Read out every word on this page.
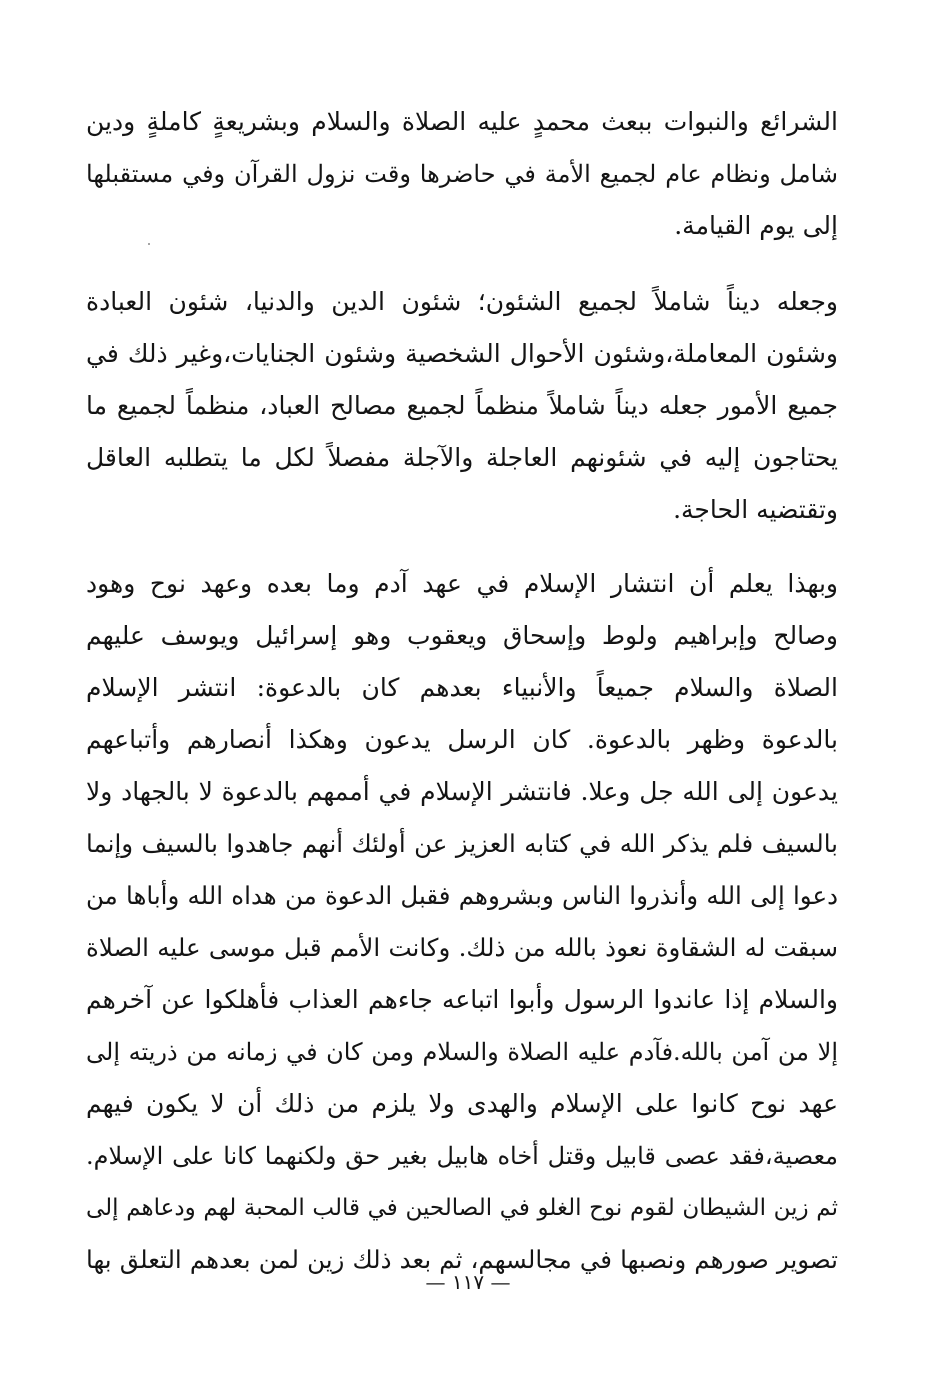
الشرائع والنبوات ببعث محمدٍ عليه الصلاة والسلام وبشريعةٍ كاملةٍ ودين
شامل ونظام عام لجميع الأمة في حاضرها وقت نزول القرآن وفي مستقبلها
إلى يوم القيامة.
وجعله ديناً شاملاً لجميع الشئون؛ شئون الدين والدنيا، شئون العبادة
وشئون المعاملة،وشئون الأحوال الشخصية وشئون الجنايات،وغير ذلك في
جميع الأمور جعله ديناً شاملاً منظماً لجميع مصالح العباد، منظماً لجميع ما
يحتاجون إليه في شئونهم العاجلة والآجلة مفصلاً لكل ما يتطلبه العاقل
وتقتضيه الحاجة.
وبهذا يعلم أن انتشار الإسلام في عهد آدم وما بعده وعهد نوح وهود
وصالح وإبراهيم ولوط وإسحاق ويعقوب وهو إسرائيل ويوسف عليهم
الصلاة والسلام جميعاً والأنبياء بعدهم كان بالدعوة: انتشر الإسلام
بالدعوة وظهر بالدعوة. كان الرسل يدعون وهكذا أنصارهم وأتباعهم
يدعون إلى الله جل وعلا. فانتشر الإسلام في أممهم بالدعوة لا بالجهاد ولا
بالسيف فلم يذكر الله في كتابه العزيز عن أولئك أنهم جاهدوا بالسيف وإنما
دعوا إلى الله وأنذروا الناس وبشروهم فقبل الدعوة من هداه الله وأباها من
سبقت له الشقاوة نعوذ بالله من ذلك. وكانت الأمم قبل موسى عليه الصلاة
والسلام إذا عاندوا الرسول وأبوا اتباعه جاءهم العذاب فأهلكوا عن آخرهم
إلا من آمن بالله.فآدم عليه الصلاة والسلام ومن كان في زمانه من ذريته إلى
عهد نوح كانوا على الإسلام والهدى ولا يلزم من ذلك أن لا يكون فيهم
معصية،فقد عصى قابيل وقتل أخاه هابيل بغير حق ولكنهما كانا على الإسلام.
ثم زين الشيطان لقوم نوح الغلو في الصالحين في قالب المحبة لهم ودعاهم إلى
تصوير صورهم ونصبها في مجالسهم، ثم بعد ذلك زين لمن بعدهم التعلق بها
— ١١٧ —
